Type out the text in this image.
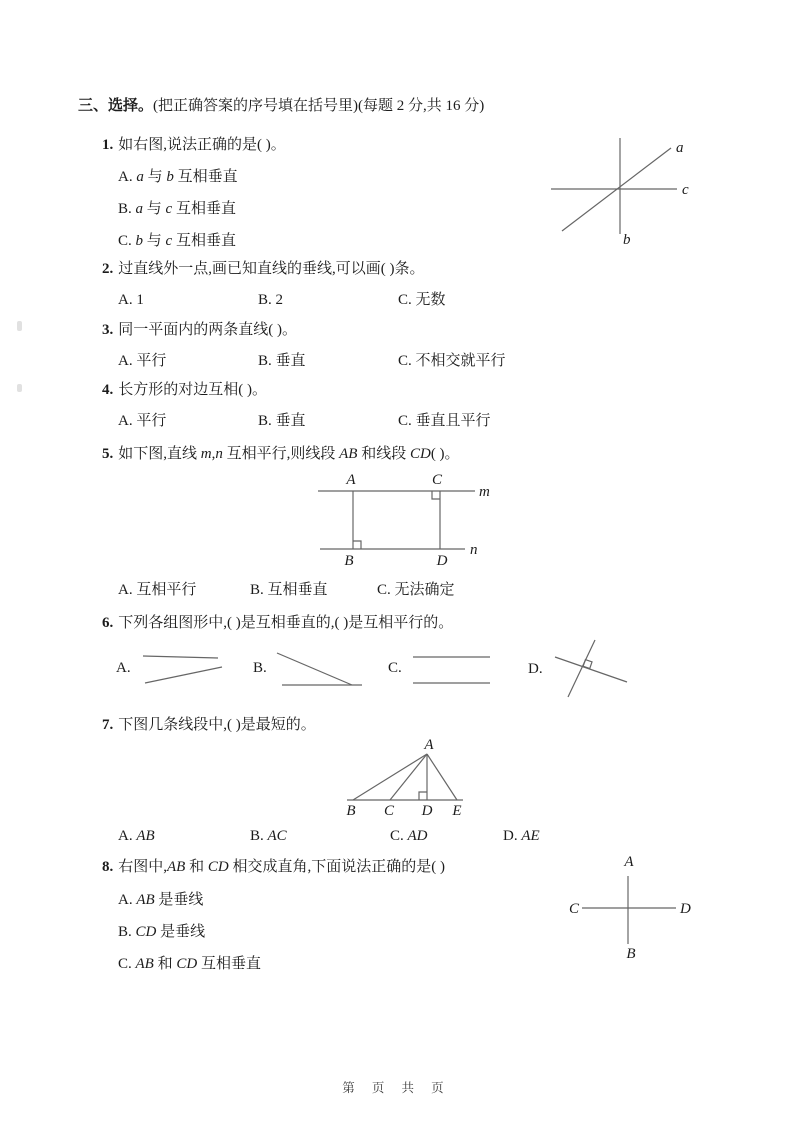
三、选择。(把正确答案的序号填在括号里)(每题 2 分,共 16 分)
1. 如右图,说法正确的是( )。
A. a 与 b 互相垂直
B. a 与 c 互相垂直
C. b 与 c 互相垂直
a
c
b
2. 过直线外一点,画已知直线的垂线,可以画( )条。
A. 1	B. 2	C. 无数
3. 同一平面内的两条直线( )。
A. 平行	B. 垂直	C. 不相交就平行
4. 长方形的对边互相( )。
A. 平行	B. 垂直	C. 垂直且平行
5. 如下图,直线 m,n 互相平行,则线段 AB 和线段 CD( )。
A	C
B	D
m
n
A. 互相平行	B. 互相垂直	C. 无法确定
6. 下列各组图形中,( )是互相垂直的,( )是互相平行的。
A.	B.	C.	D.
7. 下图几条线段中,( )是最短的。
A
B C D E
A. AB	B. AC	C. AD	D. AE
8. 右图中,AB 和 CD 相交成直角,下面说法正确的是( )
A. AB 是垂线
B. CD 是垂线
C. AB 和 CD 互相垂直
A
B
C	D
第 页 共 页
